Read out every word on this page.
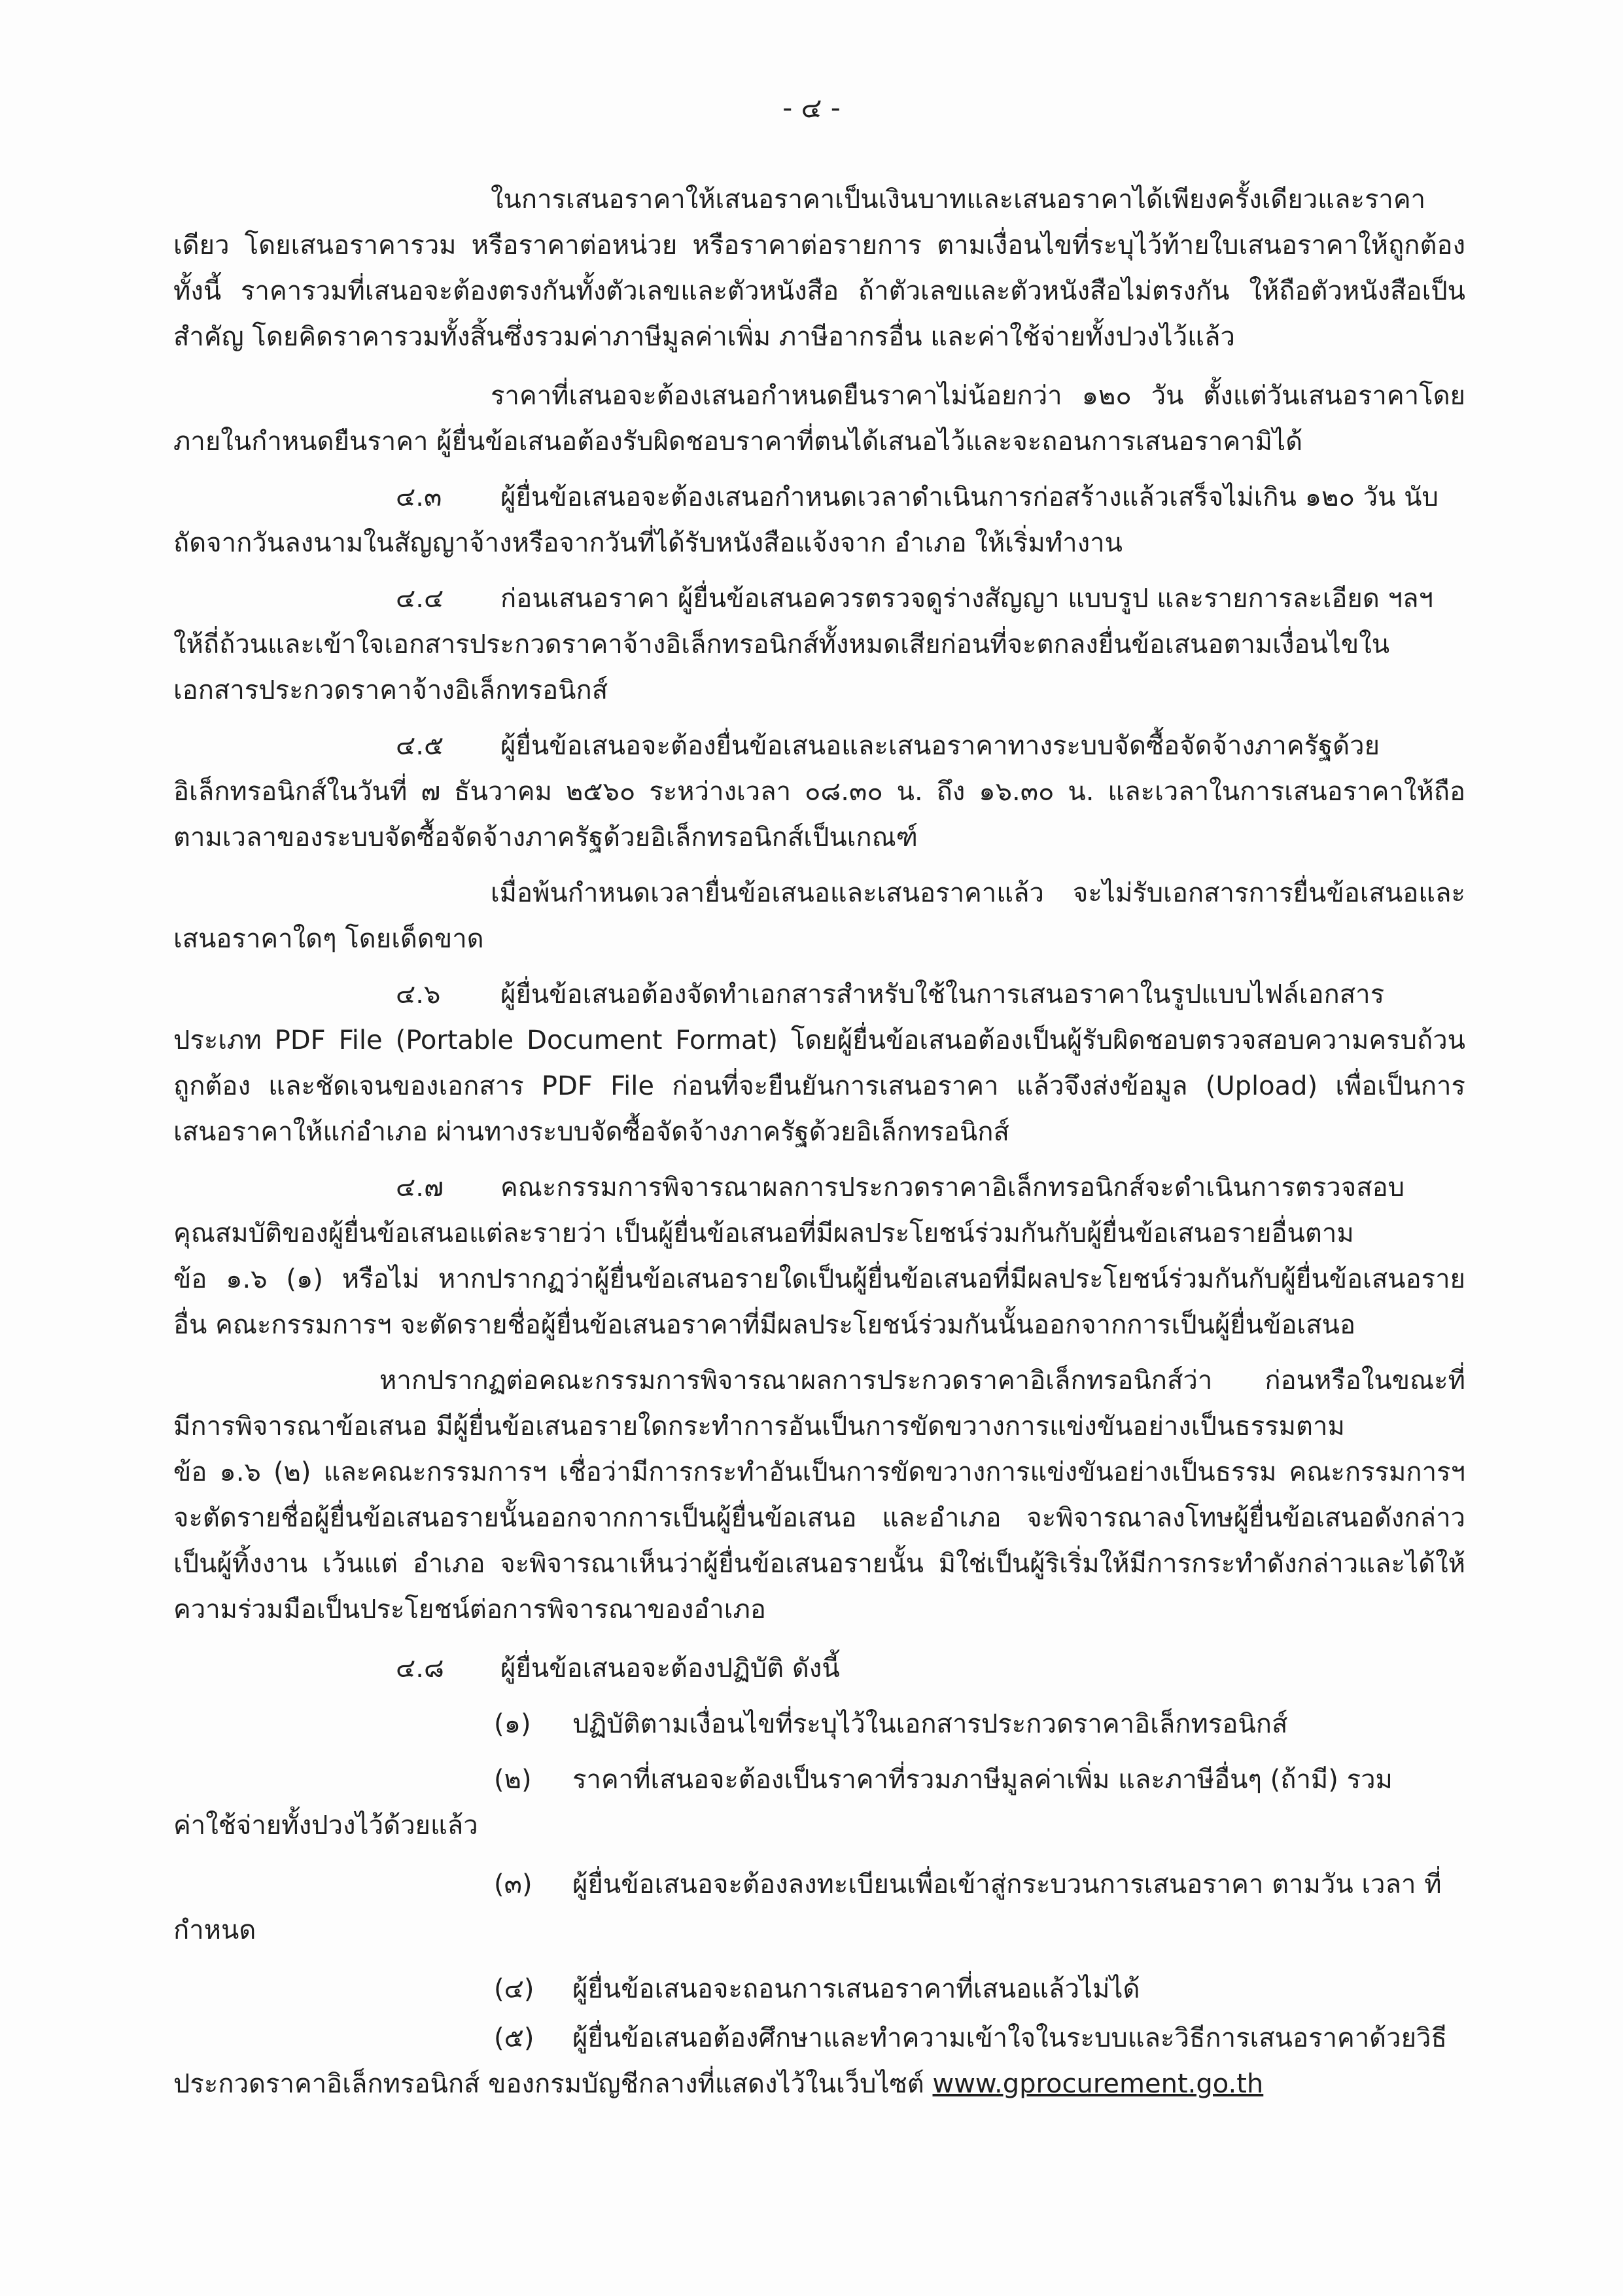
- ๔ -
ในการเสนอราคาให้เสนอราคาเป็นเงินบาทและเสนอราคาได้เพียงครั้งเดียวและราคา
เดียว โดยเสนอราคารวม หรือราคาต่อหน่วย หรือราคาต่อรายการ ตามเงื่อนไขที่ระบุไว้ท้ายใบเสนอราคาให้ถูกต้อง
ทั้งนี้ ราคารวมที่เสนอจะต้องตรงกันทั้งตัวเลขและตัวหนังสือ ถ้าตัวเลขและตัวหนังสือไม่ตรงกัน ให้ถือตัวหนังสือเป็น
สำคัญ โดยคิดราคารวมทั้งสิ้นซึ่งรวมค่าภาษีมูลค่าเพิ่ม ภาษีอากรอื่น และค่าใช้จ่ายทั้งปวงไว้แล้ว
ราคาที่เสนอจะต้องเสนอกำหนดยืนราคาไม่น้อยกว่า ๑๒๐ วัน ตั้งแต่วันเสนอราคาโดย
ภายในกำหนดยืนราคา ผู้ยื่นข้อเสนอต้องรับผิดชอบราคาที่ตนได้เสนอไว้และจะถอนการเสนอราคามิได้
๔.๓ ผู้ยื่นข้อเสนอจะต้องเสนอกำหนดเวลาดำเนินการก่อสร้างแล้วเสร็จไม่เกิน ๑๒๐ วัน นับ
ถัดจากวันลงนามในสัญญาจ้างหรือจากวันที่ได้รับหนังสือแจ้งจาก อำเภอ ให้เริ่มทำงาน
๔.๔ ก่อนเสนอราคา ผู้ยื่นข้อเสนอควรตรวจดูร่างสัญญา แบบรูป และรายการละเอียด ฯลฯ
ให้ถี่ถ้วนและเข้าใจเอกสารประกวดราคาจ้างอิเล็กทรอนิกส์ทั้งหมดเสียก่อนที่จะตกลงยื่นข้อเสนอตามเงื่อนไขใน
เอกสารประกวดราคาจ้างอิเล็กทรอนิกส์
๔.๕ ผู้ยื่นข้อเสนอจะต้องยื่นข้อเสนอและเสนอราคาทางระบบจัดซื้อจัดจ้างภาครัฐด้วย
อิเล็กทรอนิกส์ในวันที่ ๗ ธันวาคม ๒๕๖๐ ระหว่างเวลา ๐๘.๓๐ น. ถึง ๑๖.๓๐ น. และเวลาในการเสนอราคาให้ถือ
ตามเวลาของระบบจัดซื้อจัดจ้างภาครัฐด้วยอิเล็กทรอนิกส์เป็นเกณฑ์
เมื่อพ้นกำหนดเวลายื่นข้อเสนอและเสนอราคาแล้ว จะไม่รับเอกสารการยื่นข้อเสนอและ
เสนอราคาใดๆ โดยเด็ดขาด
๔.๖ ผู้ยื่นข้อเสนอต้องจัดทำเอกสารสำหรับใช้ในการเสนอราคาในรูปแบบไฟล์เอกสาร
ประเภท PDF File (Portable Document Format) โดยผู้ยื่นข้อเสนอต้องเป็นผู้รับผิดชอบตรวจสอบความครบถ้วน
ถูกต้อง และชัดเจนของเอกสาร PDF File ก่อนที่จะยืนยันการเสนอราคา แล้วจึงส่งข้อมูล (Upload) เพื่อเป็นการ
เสนอราคาให้แก่อำเภอ ผ่านทางระบบจัดซื้อจัดจ้างภาครัฐด้วยอิเล็กทรอนิกส์
๔.๗ คณะกรรมการพิจารณาผลการประกวดราคาอิเล็กทรอนิกส์จะดำเนินการตรวจสอบ
คุณสมบัติของผู้ยื่นข้อเสนอแต่ละรายว่า เป็นผู้ยื่นข้อเสนอที่มีผลประโยชน์ร่วมกันกับผู้ยื่นข้อเสนอรายอื่นตาม
ข้อ ๑.๖ (๑) หรือไม่ หากปรากฏว่าผู้ยื่นข้อเสนอรายใดเป็นผู้ยื่นข้อเสนอที่มีผลประโยชน์ร่วมกันกับผู้ยื่นข้อเสนอราย
อื่น คณะกรรมการฯ จะตัดรายชื่อผู้ยื่นข้อเสนอราคาที่มีผลประโยชน์ร่วมกันนั้นออกจากการเป็นผู้ยื่นข้อเสนอ
หากปรากฏต่อคณะกรรมการพิจารณาผลการประกวดราคาอิเล็กทรอนิกส์ว่า ก่อนหรือในขณะที่
มีการพิจารณาข้อเสนอ มีผู้ยื่นข้อเสนอรายใดกระทำการอันเป็นการขัดขวางการแข่งขันอย่างเป็นธรรมตาม
ข้อ ๑.๖ (๒) และคณะกรรมการฯ เชื่อว่ามีการกระทำอันเป็นการขัดขวางการแข่งขันอย่างเป็นธรรม คณะกรรมการฯ
จะตัดรายชื่อผู้ยื่นข้อเสนอรายนั้นออกจากการเป็นผู้ยื่นข้อเสนอ และอำเภอ จะพิจารณาลงโทษผู้ยื่นข้อเสนอดังกล่าว
เป็นผู้ทิ้งงาน เว้นแต่ อำเภอ จะพิจารณาเห็นว่าผู้ยื่นข้อเสนอรายนั้น มิใช่เป็นผู้ริเริ่มให้มีการกระทำดังกล่าวและได้ให้
ความร่วมมือเป็นประโยชน์ต่อการพิจารณาของอำเภอ
๔.๘ ผู้ยื่นข้อเสนอจะต้องปฏิบัติ ดังนี้
(๑) ปฏิบัติตามเงื่อนไขที่ระบุไว้ในเอกสารประกวดราคาอิเล็กทรอนิกส์
(๒) ราคาที่เสนอจะต้องเป็นราคาที่รวมภาษีมูลค่าเพิ่ม และภาษีอื่นๆ (ถ้ามี) รวม
ค่าใช้จ่ายทั้งปวงไว้ด้วยแล้ว
(๓) ผู้ยื่นข้อเสนอจะต้องลงทะเบียนเพื่อเข้าสู่กระบวนการเสนอราคา ตามวัน เวลา ที่
กำหนด
(๔) ผู้ยื่นข้อเสนอจะถอนการเสนอราคาที่เสนอแล้วไม่ได้
(๕) ผู้ยื่นข้อเสนอต้องศึกษาและทำความเข้าใจในระบบและวิธีการเสนอราคาด้วยวิธี
ประกวดราคาอิเล็กทรอนิกส์ ของกรมบัญชีกลางที่แสดงไว้ในเว็บไซต์ www.gprocurement.go.th
